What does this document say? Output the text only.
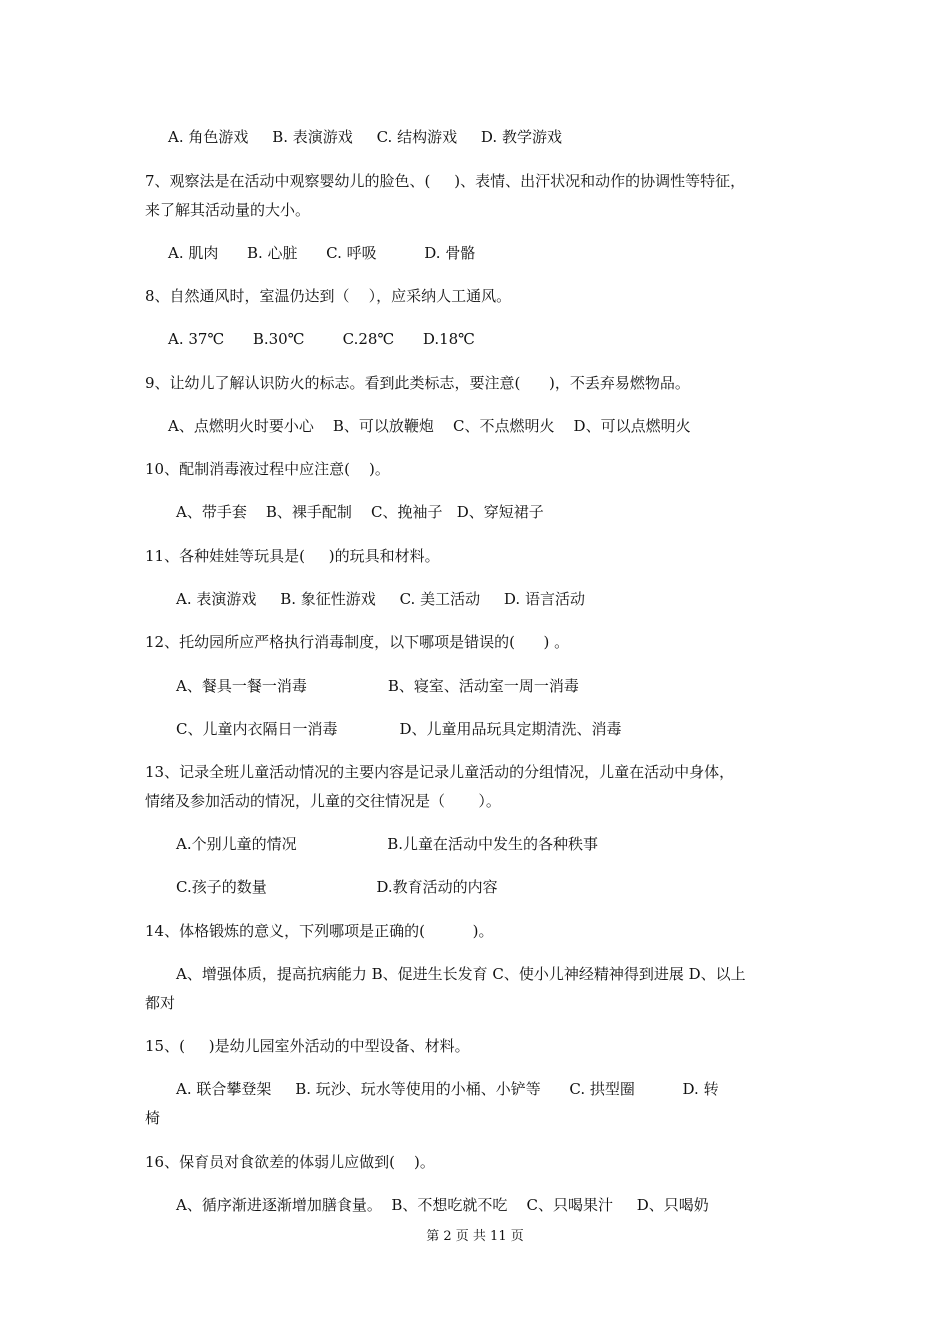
A. 角色游戏     B. 表演游戏     C. 结构游戏     D. 教学游戏
7、观察法是在活动中观察婴幼儿的脸色、(     )、表情、出汗状况和动作的协调性等特征，
来了解其活动量的大小。
A. 肌肉      B. 心脏      C. 呼吸          D. 骨骼
8、自然通风时，室温仍达到（    ），应采纳人工通风。
A. 37℃      B.30℃        C.28℃      D.18℃
9、让幼儿了解认识防火的标志。看到此类标志，要注意(      )，不丢弃易燃物品。
A、点燃明火时要小心    B、可以放鞭炮    C、不点燃明火    D、可以点燃明火
10、配制消毒液过程中应注意(    )。
A、带手套    B、裸手配制    C、挽袖子   D、穿短裙子
11、各种娃娃等玩具是(     )的玩具和材料。
A. 表演游戏     B. 象征性游戏     C. 美工活动     D. 语言活动
12、托幼园所应严格执行消毒制度，以下哪项是错误的(      ) 。
A、餐具一餐一消毒                 B、寝室、活动室一周一消毒
C、儿童内衣隔日一消毒             D、儿童用品玩具定期清洗、消毒
13、记录全班儿童活动情况的主要内容是记录儿童活动的分组情况，儿童在活动中身体，
情绪及参加活动的情况，儿童的交往情况是（       ）。
A.个别儿童的情况                   B.儿童在活动中发生的各种秩事
C.孩子的数量                       D.教育活动的内容
14、体格锻炼的意义，下列哪项是正确的(          )。
A、增强体质，提高抗病能力 B、促进生长发育 C、使小儿神经精神得到进展 D、以上
都对
15、(     )是幼儿园室外活动的中型设备、材料。
A. 联合攀登架     B. 玩沙、玩水等使用的小桶、小铲等      C. 拱型圈          D. 转
椅
16、保育员对食欲差的体弱儿应做到(    )。
A、循序渐进逐渐增加膳食量。  B、不想吃就不吃    C、只喝果汁     D、只喝奶
第 2 页 共 11 页
